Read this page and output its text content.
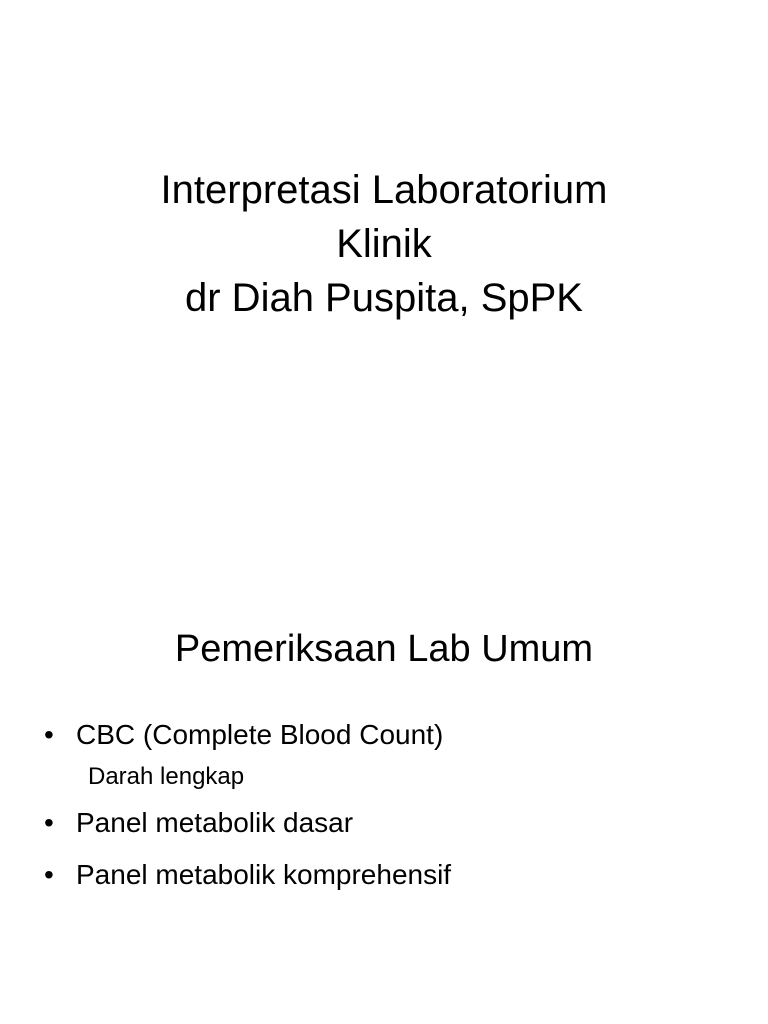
Interpretasi Laboratorium
Klinik
dr Diah Puspita, SpPK
Pemeriksaan Lab Umum
• CBC (Complete Blood Count)
Darah lengkap
• Panel metabolik dasar
• Panel metabolik komprehensif
